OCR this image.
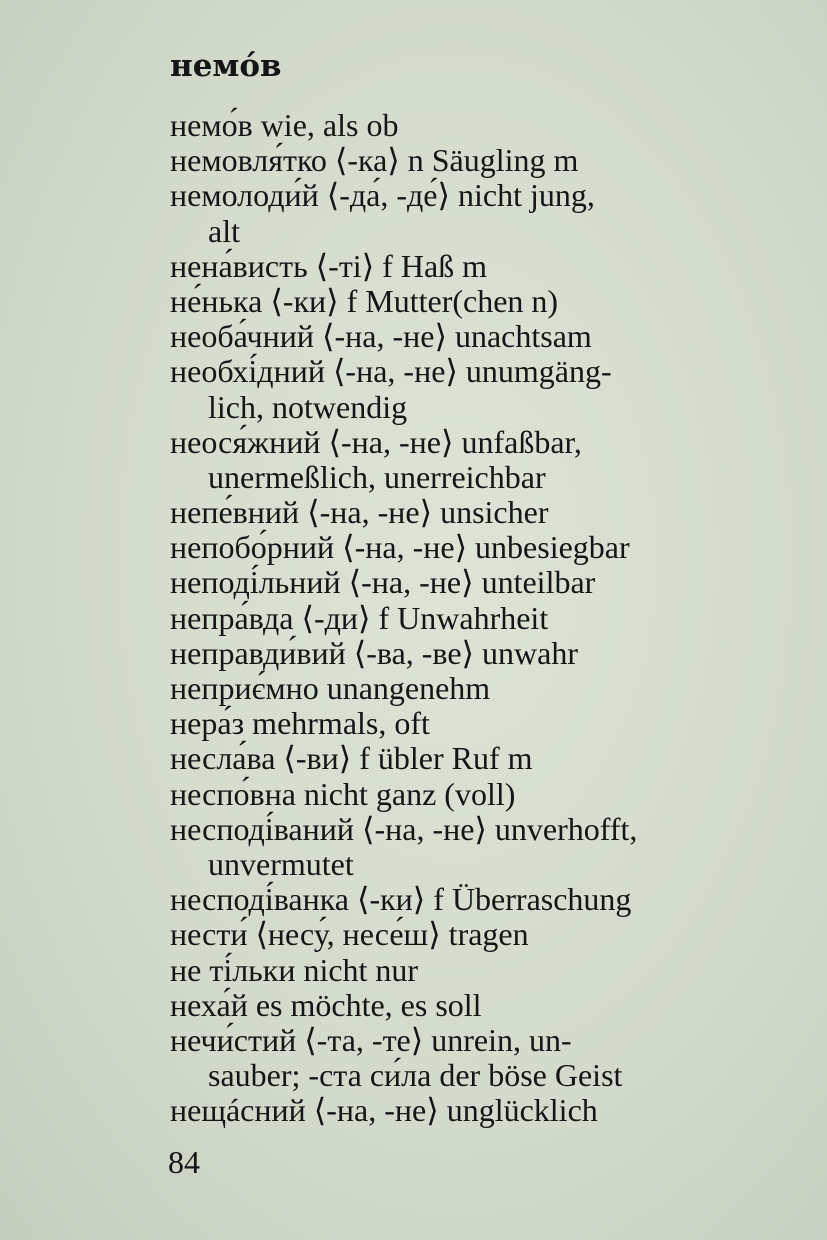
немо́в
немо́в wie, als ob
немовля́тко ⟨-ка⟩ n Säugling m
немолоди́й ⟨-да́, -де́⟩ nicht jung,
alt
нена́висть ⟨-ті⟩ f Haß m
не́нька ⟨-ки⟩ f Mutter(chen n)
необа́чний ⟨-на, -не⟩ unachtsam
необхі́дний ⟨-на, -не⟩ unumgäng-
lich, notwendig
неося́жний ⟨-на, -не⟩ unfaßbar,
unermeßlich, unerreichbar
непе́вний ⟨-на, -не⟩ unsicher
непобо́рний ⟨-на, -не⟩ unbesiegbar
неподі́льний ⟨-на, -не⟩ unteilbar
непра́вда ⟨-ди⟩ f Unwahrheit
неправди́вий ⟨-ва, -ве⟩ unwahr
неприє́мно unangenehm
нера́з mehrmals, oft
несла́ва ⟨-ви⟩ f übler Ruf m
неспо́вна nicht ganz (voll)
несподі́ваний ⟨-на, -не⟩ unverhofft,
unvermutet
несподі́ванка ⟨-ки⟩ f Überraschung
нести́ ⟨несу́, несе́ш⟩ tragen
не ті́льки nicht nur
неха́й es möchte, es soll
нечи́стий ⟨-та, -те⟩ unrein, un-
sauber; -ста си́ла der böse Geist
нещáсний ⟨-на, -не⟩ unglücklich
84
